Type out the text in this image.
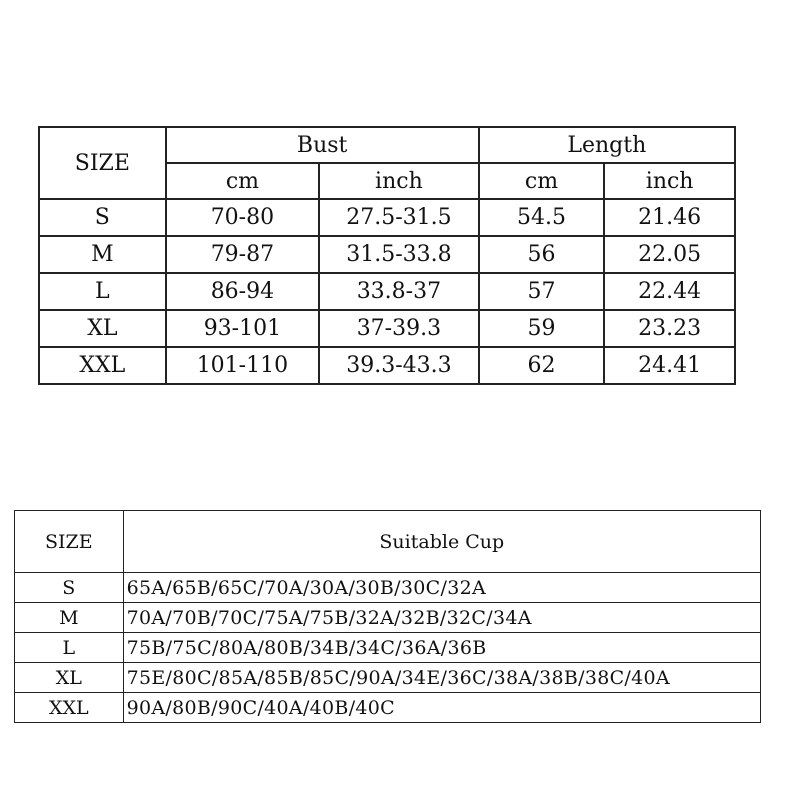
SIZE	Bust		Length	
	cm	inch	cm	inch
S	70-80	27.5-31.5	54.5	21.46
M	79-87	31.5-33.8	56	22.05
L	86-94	33.8-37	57	22.44
XL	93-101	37-39.3	59	23.23
XXL	101-110	39.3-43.3	62	24.41
SIZE	Suitable Cup
S	65A/65B/65C/70A/30A/30B/30C/32A
M	70A/70B/70C/75A/75B/32A/32B/32C/34A
L	75B/75C/80A/80B/34B/34C/36A/36B
XL	75E/80C/85A/85B/85C/90A/34E/36C/38A/38B/38C/40A
XXL	90A/80B/90C/40A/40B/40C
